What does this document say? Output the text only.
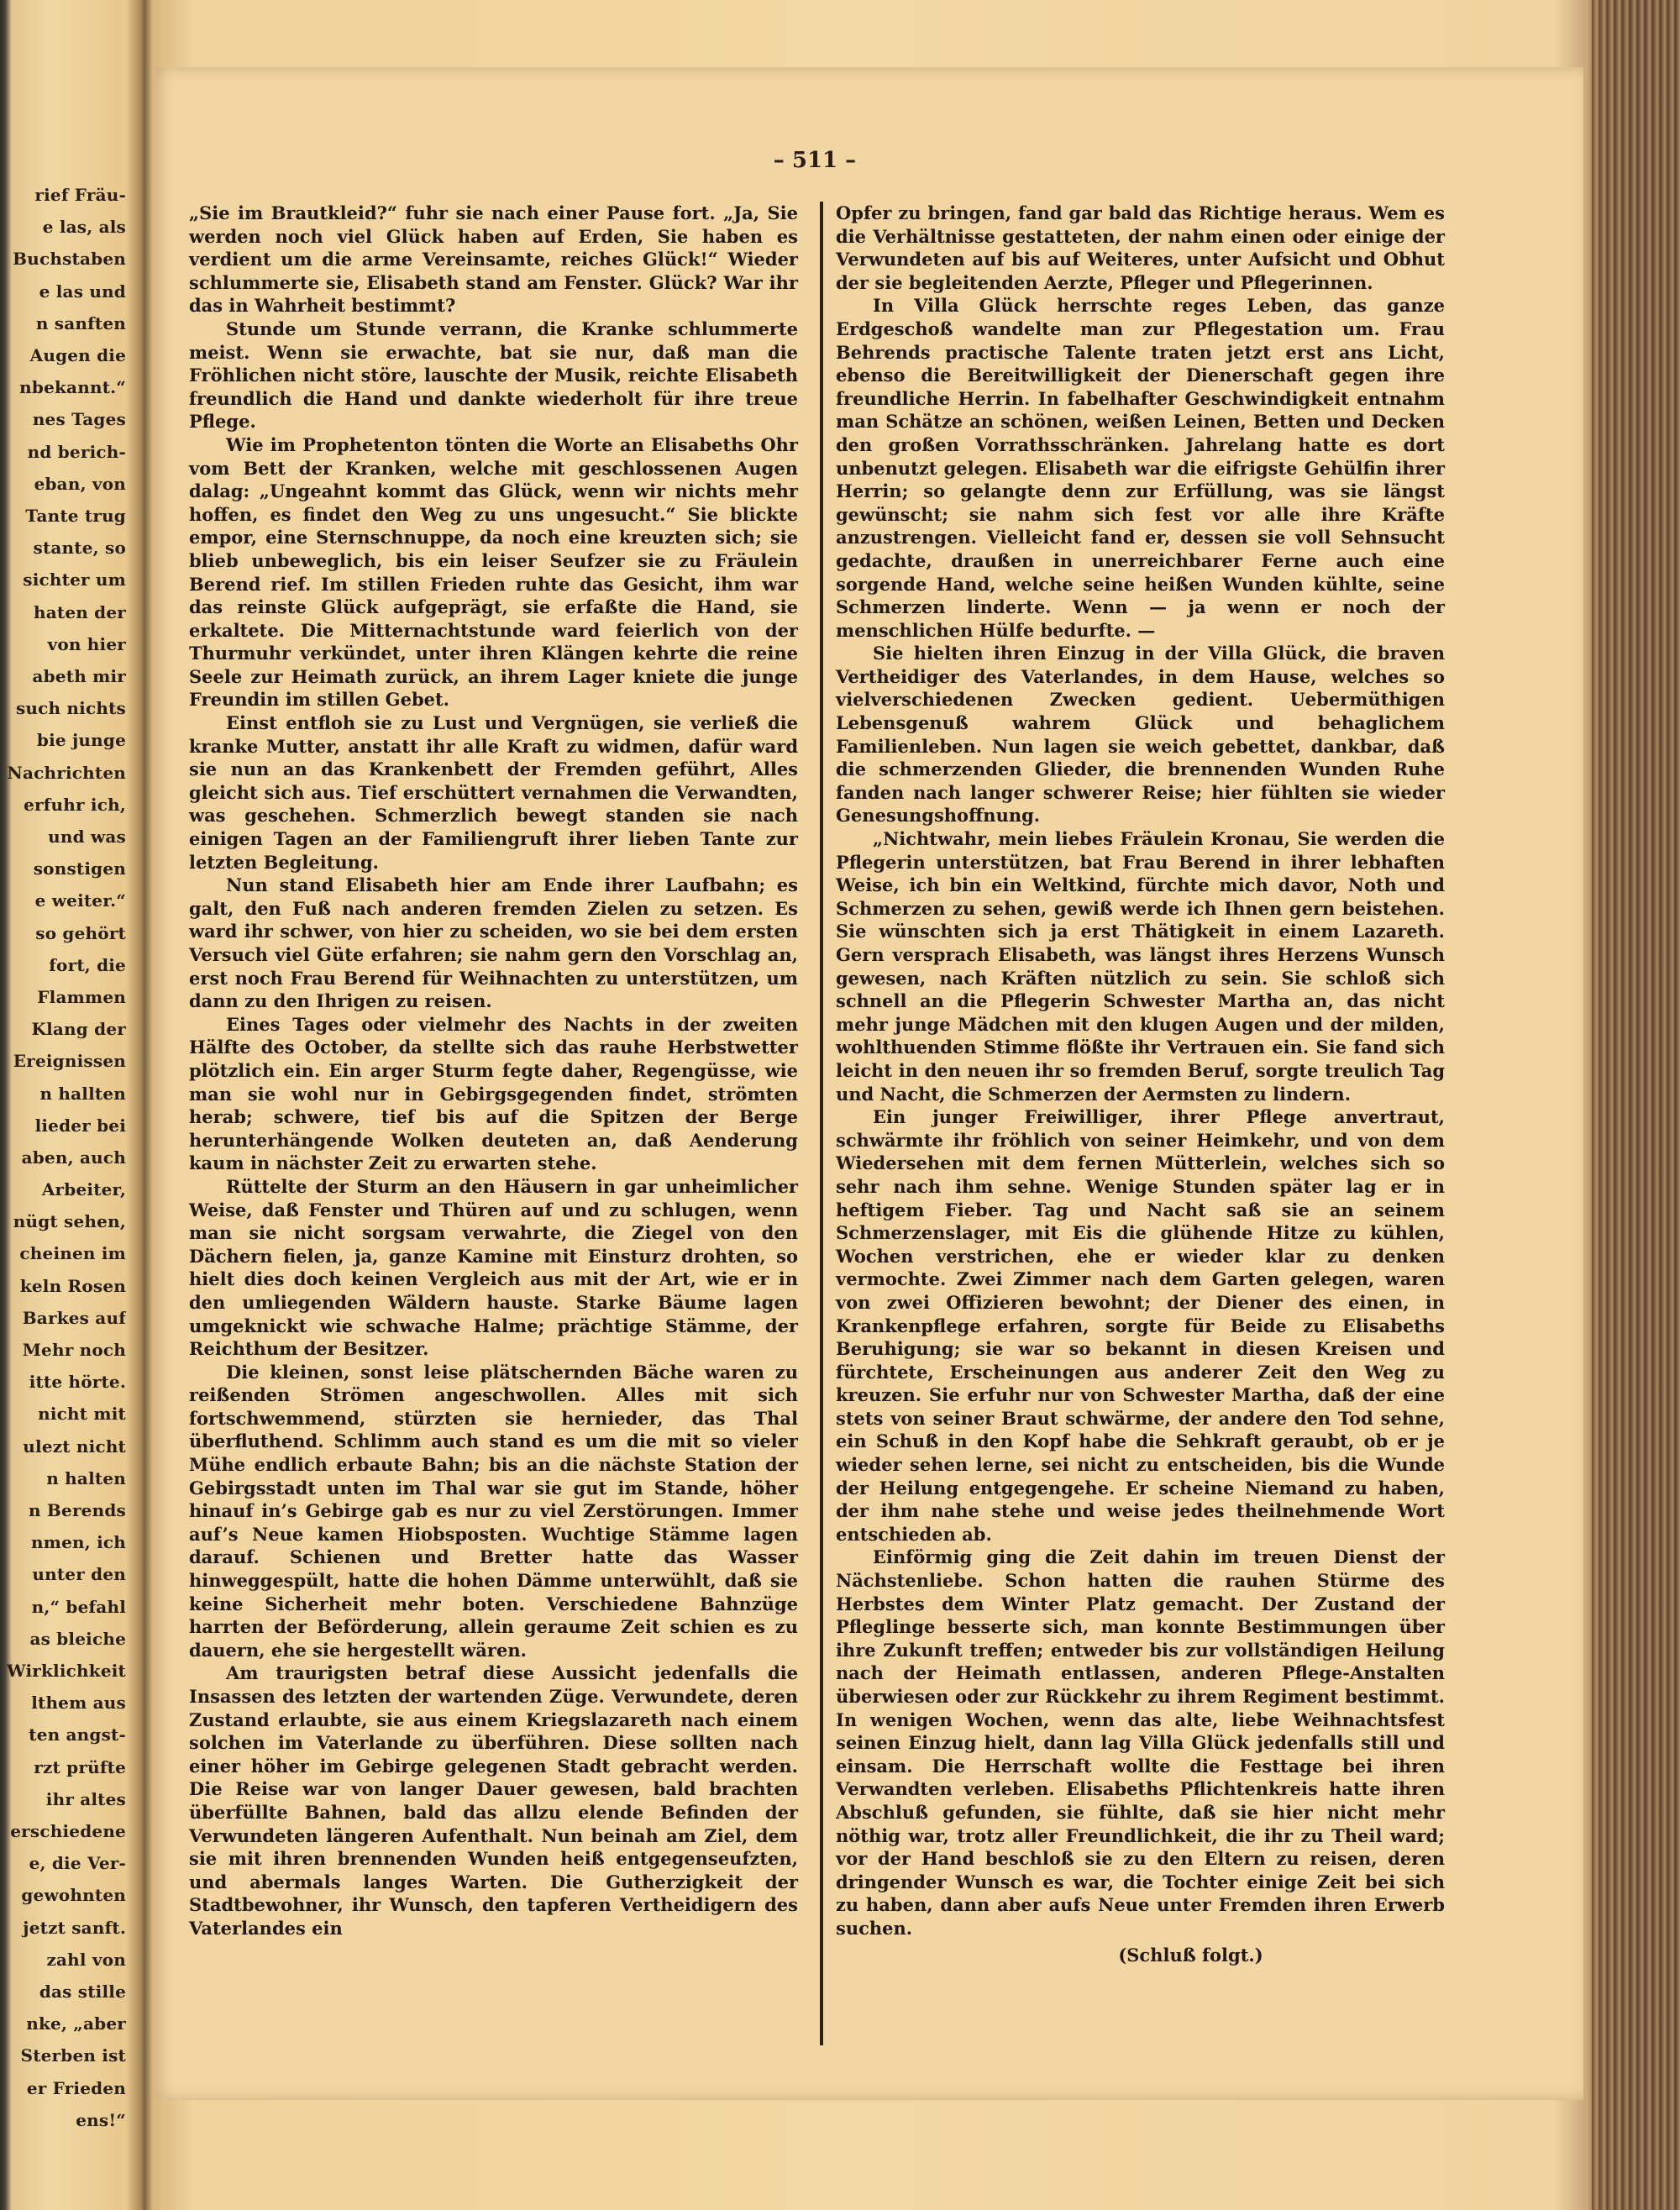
rief Fräu-
e las, als
Buchstaben
e las und
n sanften
Augen die
nbekannt.“
nes Tages
nd berich-
eban, von
Tante trug
stante, so
sichter um
haten der
von hier
abeth mir
such nichts
bie junge
Nachrichten
erfuhr ich,
und was
sonstigen
e weiter.“
so gehört
fort, die
Flammen
Klang der
Ereignissen
n hallten
lieder bei
aben, auch
Arbeiter,
nügt sehen,
cheinen im
keln Rosen
Barkes auf
Mehr noch
itte hörte.
nicht mit
ulezt nicht
n halten
n Berends
nmen, ich
unter den
n,“ befahl
as bleiche
Wirklichkeit
lthem aus
ten angst-
rzt prüfte
ihr altes
erschiedene
e, die Ver-
gewohnten
jetzt sanft.
zahl von
das stille
nke, „aber
Sterben ist
er Frieden
ens!“
– 511 –

„Sie im Brautkleid?“ fuhr sie nach einer Pause fort. „Ja, Sie werden noch viel Glück haben auf Erden, Sie haben es verdient um die arme Vereinsamte, reiches Glück!“ Wieder schlummerte sie, Elisabeth stand am Fenster. Glück? War ihr das in Wahrheit bestimmt?

Stunde um Stunde verrann, die Kranke schlummerte meist. Wenn sie erwachte, bat sie nur, daß man die Fröhlichen nicht störe, lauschte der Musik, reichte Elisabeth freundlich die Hand und dankte wiederholt für ihre treue Pflege.

Wie im Prophetenton tönten die Worte an Elisabeths Ohr vom Bett der Kranken, welche mit geschlossenen Augen dalag: „Ungeahnt kommt das Glück, wenn wir nichts mehr hoffen, es findet den Weg zu uns ungesucht.“ Sie blickte empor, eine Sternschnuppe, da noch eine kreuzten sich; sie blieb unbeweglich, bis ein leiser Seufzer sie zu Fräulein Berend rief. Im stillen Frieden ruhte das Gesicht, ihm war das reinste Glück aufgeprägt, sie erfaßte die Hand, sie erkaltete. Die Mitternachtstunde ward feierlich von der Thurmuhr verkündet, unter ihren Klängen kehrte die reine Seele zur Heimath zurück, an ihrem Lager kniete die junge Freundin im stillen Gebet.

Einst entfloh sie zu Lust und Vergnügen, sie verließ die kranke Mutter, anstatt ihr alle Kraft zu widmen, dafür ward sie nun an das Krankenbett der Fremden geführt, Alles gleicht sich aus. Tief erschüttert vernahmen die Verwandten, was geschehen. Schmerzlich bewegt standen sie nach einigen Tagen an der Familiengruft ihrer lieben Tante zur letzten Begleitung.

Nun stand Elisabeth hier am Ende ihrer Laufbahn; es galt, den Fuß nach anderen fremden Zielen zu setzen. Es ward ihr schwer, von hier zu scheiden, wo sie bei dem ersten Versuch viel Güte erfahren; sie nahm gern den Vorschlag an, erst noch Frau Berend für Weihnachten zu unterstützen, um dann zu den Ihrigen zu reisen.

Eines Tages oder vielmehr des Nachts in der zweiten Hälfte des October, da stellte sich das rauhe Herbstwetter plötzlich ein. Ein arger Sturm fegte daher, Regengüsse, wie man sie wohl nur in Gebirgsgegenden findet, strömten herab; schwere, tief bis auf die Spitzen der Berge herunterhängende Wolken deuteten an, daß Aenderung kaum in nächster Zeit zu erwarten stehe.

Rüttelte der Sturm an den Häusern in gar unheimlicher Weise, daß Fenster und Thüren auf und zu schlugen, wenn man sie nicht sorgsam verwahrte, die Ziegel von den Dächern fielen, ja, ganze Kamine mit Einsturz drohten, so hielt dies doch keinen Vergleich aus mit der Art, wie er in den umliegenden Wäldern hauste. Starke Bäume lagen umgeknickt wie schwache Halme; prächtige Stämme, der Reichthum der Besitzer.

Die kleinen, sonst leise plätschernden Bäche waren zu reißenden Strömen angeschwollen. Alles mit sich fortschwemmend, stürzten sie hernieder, das Thal überfluthend. Schlimm auch stand es um die mit so vieler Mühe endlich erbaute Bahn; bis an die nächste Station der Gebirgsstadt unten im Thal war sie gut im Stande, höher hinauf in’s Gebirge gab es nur zu viel Zerstörungen. Immer auf’s Neue kamen Hiobsposten. Wuchtige Stämme lagen darauf. Schienen und Bretter hatte das Wasser hinweggespült, hatte die hohen Dämme unterwühlt, daß sie keine Sicherheit mehr boten. Verschiedene Bahnzüge harrten der Beförderung, allein geraume Zeit schien es zu dauern, ehe sie hergestellt wären.

Am traurigsten betraf diese Aussicht jedenfalls die Insassen des letzten der wartenden Züge. Verwundete, deren Zustand erlaubte, sie aus einem Kriegslazareth nach einem solchen im Vaterlande zu überführen. Diese sollten nach einer höher im Gebirge gelegenen Stadt gebracht werden. Die Reise war von langer Dauer gewesen, bald brachten überfüllte Bahnen, bald das allzu elende Befinden der Verwundeten längeren Aufenthalt. Nun beinah am Ziel, dem sie mit ihren brennenden Wunden heiß entgegenseufzten, und abermals langes Warten. Die Gutherzigkeit der Stadtbewohner, ihr Wunsch, den tapferen Vertheidigern des Vaterlandes ein

Opfer zu bringen, fand gar bald das Richtige heraus. Wem es die Verhältnisse gestatteten, der nahm einen oder einige der Verwundeten auf bis auf Weiteres, unter Aufsicht und Obhut der sie begleitenden Aerzte, Pfleger und Pflegerinnen.

In Villa Glück herrschte reges Leben, das ganze Erdgeschoß wandelte man zur Pflegestation um. Frau Behrends practische Talente traten jetzt erst ans Licht, ebenso die Bereitwilligkeit der Dienerschaft gegen ihre freundliche Herrin. In fabelhafter Geschwindigkeit entnahm man Schätze an schönen, weißen Leinen, Betten und Decken den großen Vorrathsschränken. Jahrelang hatte es dort unbenutzt gelegen. Elisabeth war die eifrigste Gehülfin ihrer Herrin; so gelangte denn zur Erfüllung, was sie längst gewünscht; sie nahm sich fest vor alle ihre Kräfte anzustrengen. Vielleicht fand er, dessen sie voll Sehnsucht gedachte, draußen in unerreichbarer Ferne auch eine sorgende Hand, welche seine heißen Wunden kühlte, seine Schmerzen linderte. Wenn — ja wenn er noch der menschlichen Hülfe bedurfte. —

Sie hielten ihren Einzug in der Villa Glück, die braven Vertheidiger des Vaterlandes, in dem Hause, welches so vielverschiedenen Zwecken gedient. Uebermüthigen Lebensgenuß wahrem Glück und behaglichem Familienleben. Nun lagen sie weich gebettet, dankbar, daß die schmerzenden Glieder, die brennenden Wunden Ruhe fanden nach langer schwerer Reise; hier fühlten sie wieder Genesungshoffnung.

„Nichtwahr, mein liebes Fräulein Kronau, Sie werden die Pflegerin unterstützen, bat Frau Berend in ihrer lebhaften Weise, ich bin ein Weltkind, fürchte mich davor, Noth und Schmerzen zu sehen, gewiß werde ich Ihnen gern beistehen. Sie wünschten sich ja erst Thätigkeit in einem Lazareth. Gern versprach Elisabeth, was längst ihres Herzens Wunsch gewesen, nach Kräften nützlich zu sein. Sie schloß sich schnell an die Pflegerin Schwester Martha an, das nicht mehr junge Mädchen mit den klugen Augen und der milden, wohlthuenden Stimme flößte ihr Vertrauen ein. Sie fand sich leicht in den neuen ihr so fremden Beruf, sorgte treulich Tag und Nacht, die Schmerzen der Aermsten zu lindern.

Ein junger Freiwilliger, ihrer Pflege anvertraut, schwärmte ihr fröhlich von seiner Heimkehr, und von dem Wiedersehen mit dem fernen Mütterlein, welches sich so sehr nach ihm sehne. Wenige Stunden später lag er in heftigem Fieber. Tag und Nacht saß sie an seinem Schmerzenslager, mit Eis die glühende Hitze zu kühlen, Wochen verstrichen, ehe er wieder klar zu denken vermochte. Zwei Zimmer nach dem Garten gelegen, waren von zwei Offizieren bewohnt; der Diener des einen, in Krankenpflege erfahren, sorgte für Beide zu Elisabeths Beruhigung; sie war so bekannt in diesen Kreisen und fürchtete, Erscheinungen aus anderer Zeit den Weg zu kreuzen. Sie erfuhr nur von Schwester Martha, daß der eine stets von seiner Braut schwärme, der andere den Tod sehne, ein Schuß in den Kopf habe die Sehkraft geraubt, ob er je wieder sehen lerne, sei nicht zu entscheiden, bis die Wunde der Heilung entgegengehe. Er scheine Niemand zu haben, der ihm nahe stehe und weise jedes theilnehmende Wort entschieden ab.

Einförmig ging die Zeit dahin im treuen Dienst der Nächstenliebe. Schon hatten die rauhen Stürme des Herbstes dem Winter Platz gemacht. Der Zustand der Pfleglinge besserte sich, man konnte Bestimmungen über ihre Zukunft treffen; entweder bis zur vollständigen Heilung nach der Heimath entlassen, anderen Pflege-Anstalten überwiesen oder zur Rückkehr zu ihrem Regiment bestimmt. In wenigen Wochen, wenn das alte, liebe Weihnachtsfest seinen Einzug hielt, dann lag Villa Glück jedenfalls still und einsam. Die Herrschaft wollte die Festtage bei ihren Verwandten verleben. Elisabeths Pflichtenkreis hatte ihren Abschluß gefunden, sie fühlte, daß sie hier nicht mehr nöthig war, trotz aller Freundlichkeit, die ihr zu Theil ward; vor der Hand beschloß sie zu den Eltern zu reisen, deren dringender Wunsch es war, die Tochter einige Zeit bei sich zu haben, dann aber aufs Neue unter Fremden ihren Erwerb suchen.

(Schluß folgt.)
